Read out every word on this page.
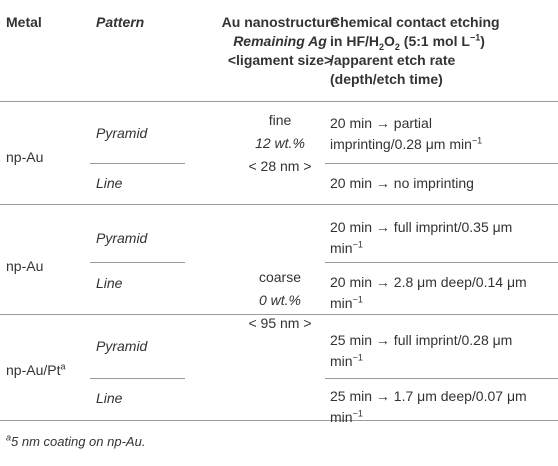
Metal	Pattern	Au nanostructure
Remaining Ag
<ligament size>
Chemical contact etching
in $HF/H_2O_2$ (5:1 mol $L^{-1}$)
/apparent etch rate
(depth/etch time)
np-Au
np-Au
np-Au/Pt$^a$
Pyramid
Line
Pyramid
Line
Pyramid
Line
fine
12 wt.%
< 28 nm >
coarse
0 wt.%
< 95 nm >
20 min → partial
imprinting/0.28 μm $\min^{-1}$
20 min → no imprinting
20 min → full imprint/0.35 μm
$\min^{-1}$
20 min → 2.8 μm deep/0.14 μm
$\min^{-1}$
25 min → full imprint/0.28 μm
$\min^{-1}$
25 min → 1.7 μm deep/0.07 μm
$\min^{-1}$
$^a$5 nm coating on np-Au.
